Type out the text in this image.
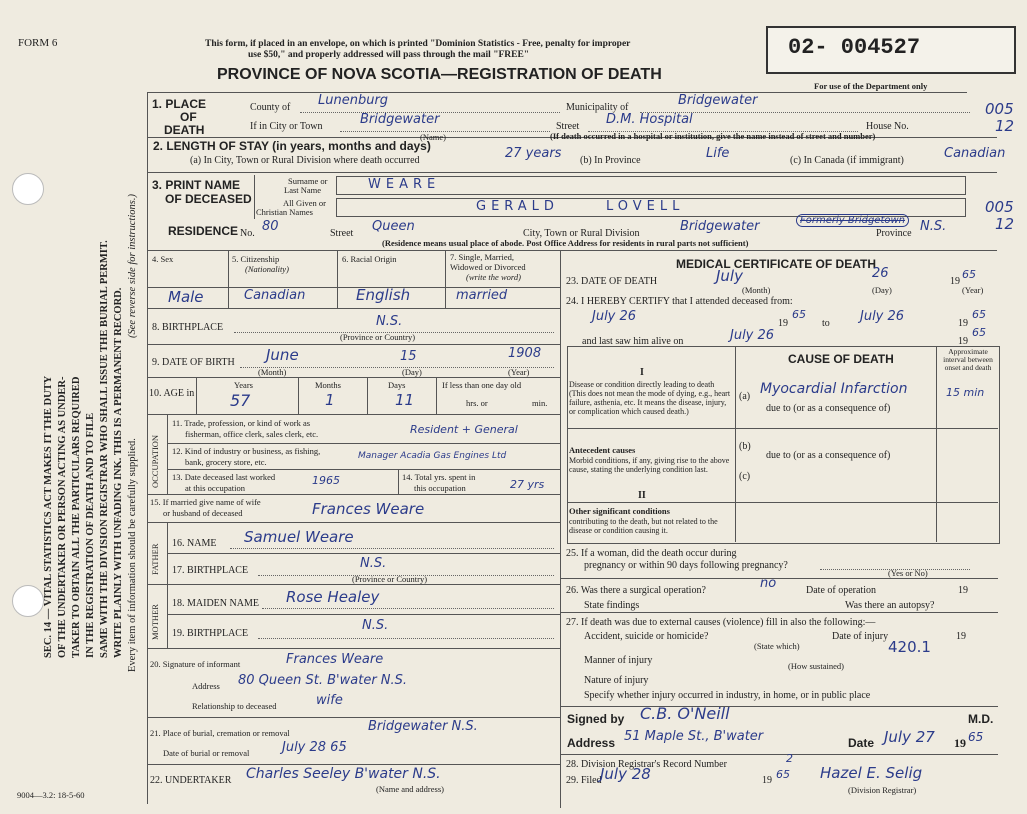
FORM 6	This form, if placed in an envelope, on which is printed "Dominion Statistics - Free, penalty for improper
use $50," and properly addressed will pass through the mail "FREE"
PROVINCE OF NOVA SCOTIA—REGISTRATION OF DEATH
02- 004527
For use of the Department only
005
12
005
12
SEC. 14 — VITAL STATISTICS ACT MAKES IT THE DUTY OF THE UNDERTAKER OR PERSON ACTING AS UNDER- TAKER TO OBTAIN ALL THE PARTICULARS REQUIRED IN THE REGISTRATION OF DEATH AND TO FILE SAME WITH THE DIVISION REGISTRAR WHO SHALL ISSUE THE BURIAL PERMIT. WRITE PLAINLY WITH UNFADING INK. THIS IS A PERMANENT RECORD. Every item of information should be carefully supplied.
(See reverse side for instructions.)
1. PLACE
OF
DEATH
County of Lunenburg	Municipality of	Bridgewater
If in City or Town	Bridgewater
(Name)
Street D.M. Hospital	House No.
(If death occurred in a hospital or institution, give the name instead of street and number)
2. LENGTH OF STAY (in years, months and days)
(a) In City, Town or Rural Division where death occurred	27 years (b) In Province	Life	(c) In Canada (if immigrant)	Canadian
3. PRINT NAME
OF DECEASED
Surname or
Last Name
All Given or
Christian Names
WEARE
GERALD	LOVELL
RESIDENCE No. 80	Street Queen	City, Town or Rural Division	Bridgewater	Formerly Bridgetown
Province N.S.
(Residence means usual place of abode. Post Office Address for residents in rural parts not sufficient)
4. Sex	5. Citizenship
(Nationality)
6. Racial Origin	7. Single, Married,
Widowed or Divorced
(write the word)
Male	Canadian	English	married
8. BIRTHPLACE	N.S.
(Province or Country)
9. DATE OF BIRTH June	15	1908
(Month)	(Day)	(Year)
10. AGE in
Years	Months	Days
57	1	11
If less than one day old
hrs. or	min.
OCCUPATION
11. Trade, profession, or kind of work as
fisherman, office clerk, sales clerk, etc.	Resident + General
12. Kind of industry or business, as fishing,
bank, grocery store, etc.
Manager Acadia Gas Engines Ltd
13. Date deceased last worked
at this occupation
1965	14. Total yrs. spent in
this occupation	27 yrs
15. If married give name of wife
or husband of deceased	Frances Weare
FATHER 16. NAME Samuel Weare
17. BIRTHPLACE	N.S.
(Province or Country)
MOTHER
18. MAIDEN NAME Rose Healey
19. BIRTHPLACE
N.S.
20. Signature of informant	Frances Weare
Address 80 Queen St. B'water N.S.
Relationship to deceased	wife
21. Place of burial, cremation or removal	Bridgewater N.S.
Date of burial or removal	July 28 65
22. UNDERTAKER Charles Seeley B'water N.S.
(Name and address)
9004—3.2: 18-5-60
MEDICAL CERTIFICATE OF DEATH
23. DATE OF DEATH	July	26	65
19
(Month)	(Day)	(Year)
24. I HEREBY CERTIFY that I attended deceased from:
July 26	19
65
to July 26	19
65
and last saw him alive on	July 26	19
65
CAUSE OF DEATH
Approximate interval between onset and death
I
Disease or condition directly leading to death (This does not mean the mode of dying, e.g., heart failure, asthenia, etc. It means the disease, injury, or complication which caused death.)
(a) Myocardial Infarction	15 min
due to (or as a consequence of)
Antecedent causes
Morbid conditions, if any, giving rise to the above cause, stating the underlying condition last.
(b)
due to (or as a consequence of)
(c)
II
Other significant conditions
contributing to the death, but not related to the disease or condition causing it.
25. If a woman, did the death occur during
pregnancy or within 90 days following pregnancy?
(Yes or No)
26. Was there a surgical operation?	no	Date of operation	19
State findings	Was there an autopsy?
27. If death was due to external causes (violence) fill in also the following:—
Accident, suicide or homicide?	Date of injury	19
(State which)	420.1
Manner of injury	(How sustained)
Nature of injury
Specify whether injury occurred in industry, in home, or in public place
Signed by C.B. O'Neill	M.D.
Address 51 Maple St., B'water	Date July 27 19 65
28. Division Registrar's Record Number	2
29. Filed
July 28	19 65 Hazel E. Selig
(Division Registrar)
